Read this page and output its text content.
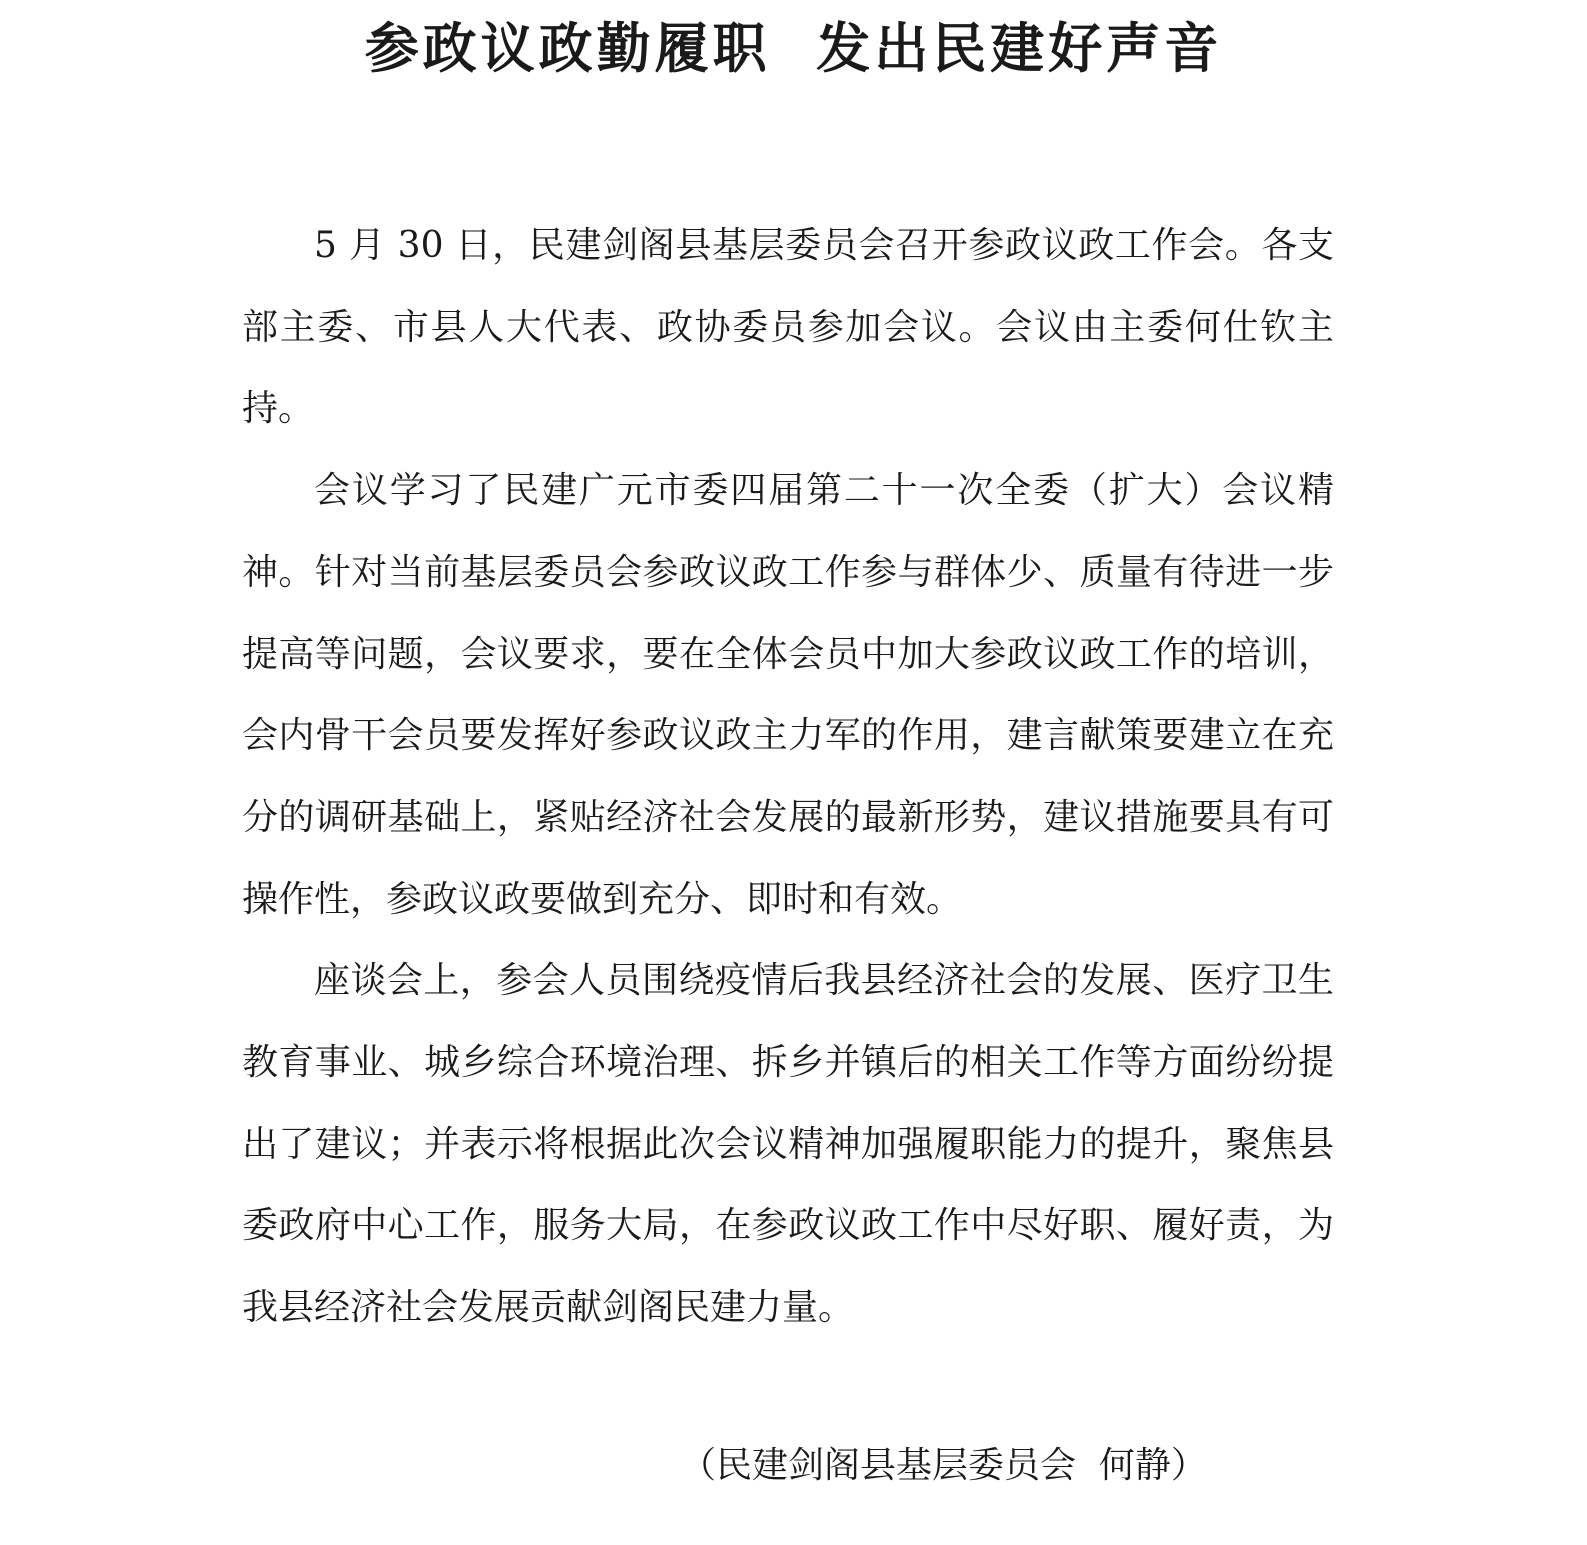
参政议政勤履职  发出民建好声音

5 月 30 日，民建剑阁县基层委员会召开参政议政工作会。各支部主委、市县人大代表、政协委员参加会议。会议由主委何仕钦主持。

会议学习了民建广元市委四届第二十一次全委（扩大）会议精神。针对当前基层委员会参政议政工作参与群体少、质量有待进一步提高等问题，会议要求，要在全体会员中加大参政议政工作的培训，会内骨干会员要发挥好参政议政主力军的作用，建言献策要建立在充分的调研基础上，紧贴经济社会发展的最新形势，建议措施要具有可操作性，参政议政要做到充分、即时和有效。

座谈会上，参会人员围绕疫情后我县经济社会的发展、医疗卫生教育事业、城乡综合环境治理、拆乡并镇后的相关工作等方面纷纷提出了建议；并表示将根据此次会议精神加强履职能力的提升，聚焦县委政府中心工作，服务大局，在参政议政工作中尽好职、履好责，为我县经济社会发展贡献剑阁民建力量。

（民建剑阁县基层委员会  何静）
